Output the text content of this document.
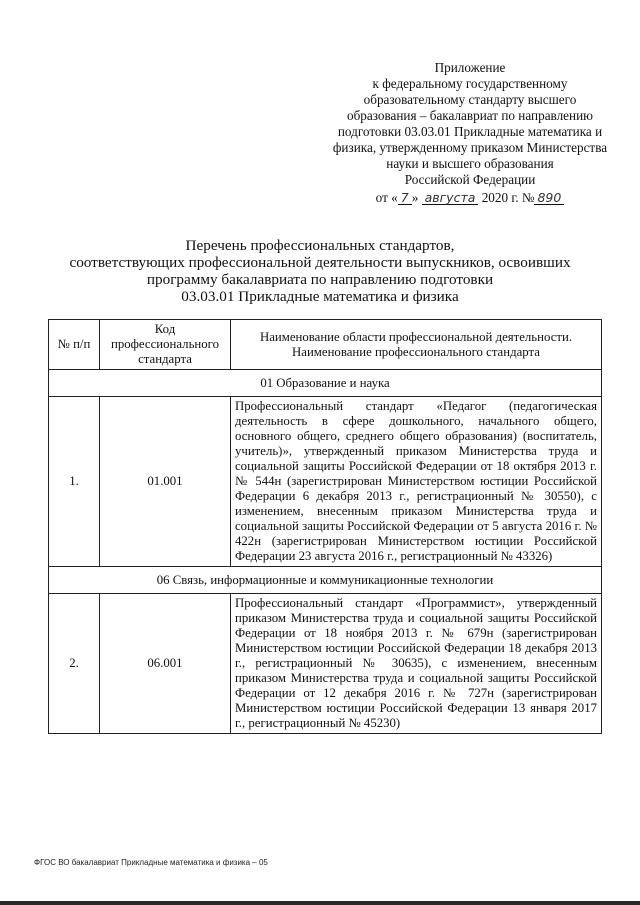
Приложение
к федеральному государственному
образовательному стандарту высшего
образования – бакалавриат по направлению
подготовки 03.03.01 Прикладные математика и
физика, утвержденному приказом Министерства
науки и высшего образования
Российской Федерации
от « 7 » августа 2020 г. № 890
Перечень профессиональных стандартов,
соответствующих профессиональной деятельности выпускников, освоивших
программу бакалавриата по направлению подготовки
03.03.01 Прикладные математика и физика
№ п/п	Код профессионального стандарта	Наименование области профессиональной деятельности. Наименование профессионального стандарта
01 Образование и наука		
1.	01.001	Профессиональный стандарт «Педагог (педагогическая деятельность в сфере дошкольного, начального общего, основного общего, среднего общего образования) (воспитатель, учитель)», утвержденный приказом Министерства труда и социальной защиты Российской Федерации от 18 октября 2013 г. № 544н (зарегистрирован Министерством юстиции Российской Федерации 6 декабря 2013 г., регистрационный № 30550), с изменением, внесенным приказом Министерства труда и социальной защиты Российской Федерации от 5 августа 2016 г. № 422н (зарегистрирован Министерством юстиции Российской Федерации 23 августа 2016 г., регистрационный № 43326)
06 Связь, информационные и коммуникационные технологии		
2.	06.001	Профессиональный стандарт «Программист», утвержденный приказом Министерства труда и социальной защиты Российской Федерации от 18 ноября 2013 г. № 679н (зарегистрирован Министерством юстиции Российской Федерации 18 декабря 2013 г., регистрационный № 30635), с изменением, внесенным приказом Министерства труда и социальной защиты Российской Федерации от 12 декабря 2016 г. № 727н (зарегистрирован Министерством юстиции Российской Федерации 13 января 2017 г., регистрационный № 45230)
ФГОС ВО бакалавриат Прикладные математика и физика – 05
